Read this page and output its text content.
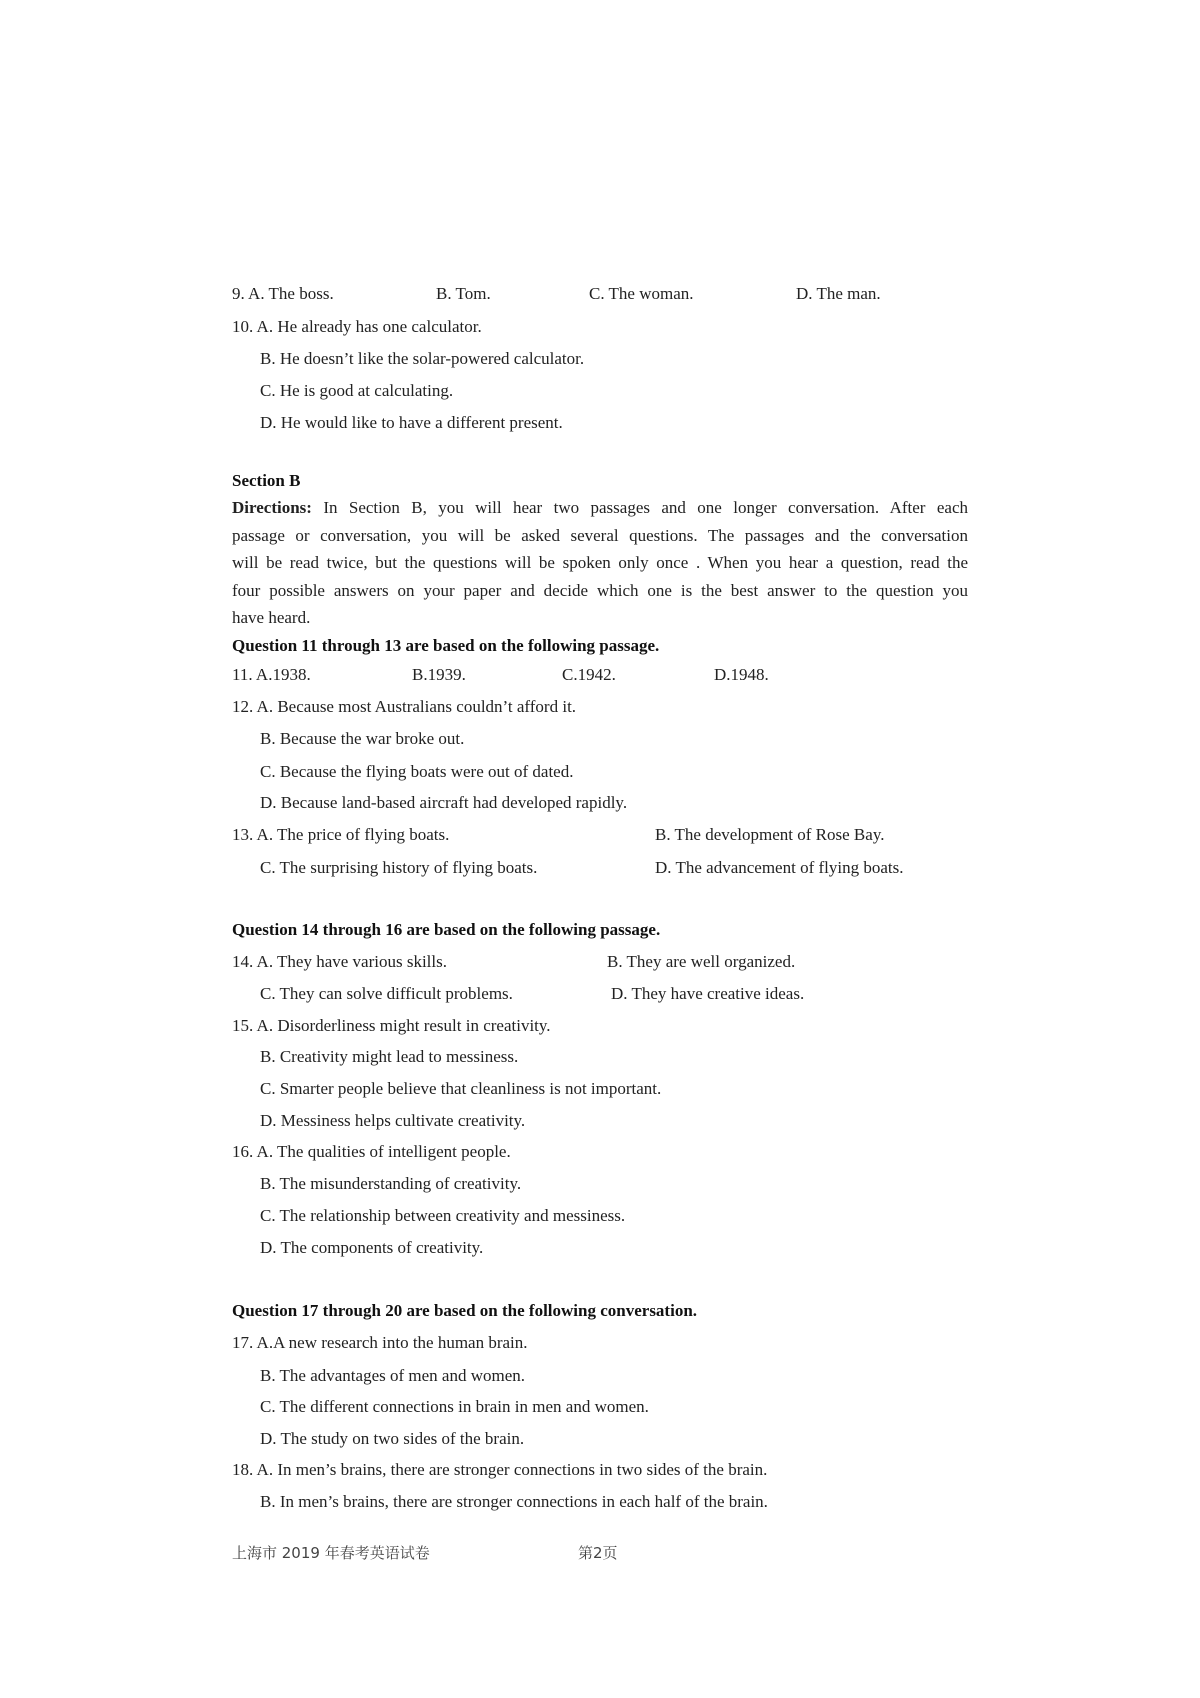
9. A. The boss.	B. Tom.	C. The woman.	D. The man.
10. A. He already has one calculator.
B. He doesn’t like the solar-powered calculator.
C. He is good at calculating.
D. He would like to have a different present.
Section B
Directions: In Section B, you will hear two passages and one longer conversation. After each
passage or conversation, you will be asked several questions. The passages and the conversation
will be read twice, but the questions will be spoken only once . When you hear a question, read the
four possible answers on your paper and decide which one is the best answer to the question you
have heard.
Question 11 through 13 are based on the following passage.
11. A.1938.	B.1939.	C.1942.	D.1948.
12. A. Because most Australians couldn’t afford it.
B. Because the war broke out.
C. Because the flying boats were out of dated.
D. Because land-based aircraft had developed rapidly.
13. A. The price of flying boats.	B. The development of Rose Bay.
C. The surprising history of flying boats.	D. The advancement of flying boats.
Question 14 through 16 are based on the following passage.
14. A. They have various skills.	B. They are well organized.
C. They can solve difficult problems.	D. They have creative ideas.
15. A. Disorderliness might result in creativity.
B. Creativity might lead to messiness.
C. Smarter people believe that cleanliness is not important.
D. Messiness helps cultivate creativity.
16. A. The qualities of intelligent people.
B. The misunderstanding of creativity.
C. The relationship between creativity and messiness.
D. The components of creativity.
Question 17 through 20 are based on the following conversation.
17. A.A new research into the human brain.
B. The advantages of men and women.
C. The different connections in brain in men and women.
D. The study on two sides of the brain.
18. A. In men’s brains, there are stronger connections in two sides of the brain.
B. In men’s brains, there are stronger connections in each half of the brain.
上海市 2019 年春考英语试卷	第2页
